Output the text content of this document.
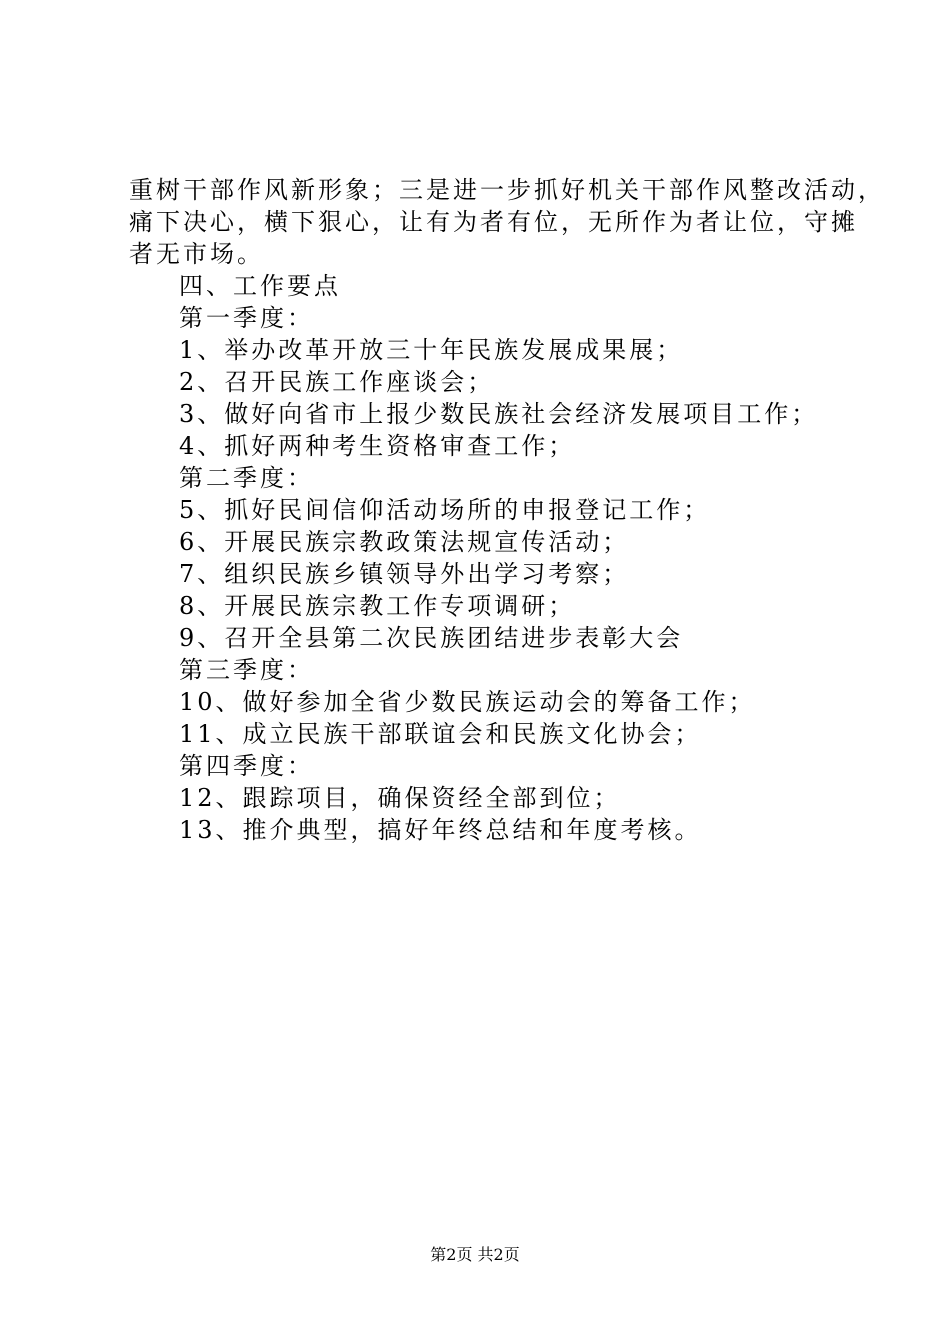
重树干部作风新形象；三是进一步抓好机关干部作风整改活动，
痛下决心，横下狠心，让有为者有位，无所作为者让位，守摊
者无市场。
四、工作要点
第一季度：
1、举办改革开放三十年民族发展成果展；
2、召开民族工作座谈会；
3、做好向省市上报少数民族社会经济发展项目工作；
4、抓好两种考生资格审查工作；
第二季度：
5、抓好民间信仰活动场所的申报登记工作；
6、开展民族宗教政策法规宣传活动；
7、组织民族乡镇领导外出学习考察；
8、开展民族宗教工作专项调研；
9、召开全县第二次民族团结进步表彰大会
第三季度：
10、做好参加全省少数民族运动会的筹备工作；
11、成立民族干部联谊会和民族文化协会；
第四季度：
12、跟踪项目，确保资经全部到位；
13、推介典型，搞好年终总结和年度考核。
第2页 共2页
